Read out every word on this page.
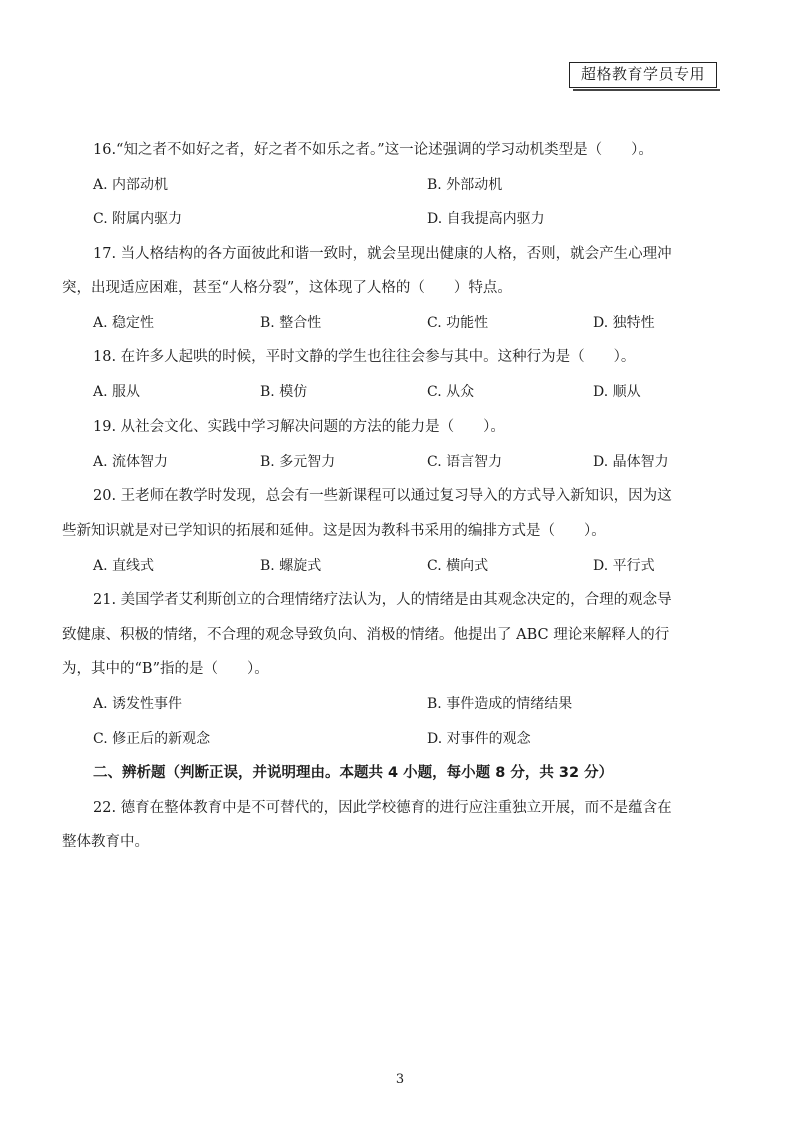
超格教育学员专用
16.“知之者不如好之者，好之者不如乐之者。”这一论述强调的学习动机类型是（　　）。
A. 内部动机	B. 外部动机
C. 附属内驱力	D. 自我提高内驱力
17. 当人格结构的各方面彼此和谐一致时，就会呈现出健康的人格，否则，就会产生心理冲
突，出现适应困难，甚至“人格分裂”，这体现了人格的（　　）特点。
A. 稳定性	B. 整合性	C. 功能性	D. 独特性
18. 在许多人起哄的时候，平时文静的学生也往往会参与其中。这种行为是（　　）。
A. 服从	B. 模仿	C. 从众	D. 顺从
19. 从社会文化、实践中学习解决问题的方法的能力是（　　）。
A. 流体智力	B. 多元智力	C. 语言智力	D. 晶体智力
20. 王老师在教学时发现，总会有一些新课程可以通过复习导入的方式导入新知识，因为这
些新知识就是对已学知识的拓展和延伸。这是因为教科书采用的编排方式是（　　）。
A. 直线式	B. 螺旋式	C. 横向式	D. 平行式
21. 美国学者艾利斯创立的合理情绪疗法认为，人的情绪是由其观念决定的，合理的观念导
致健康、积极的情绪，不合理的观念导致负向、消极的情绪。他提出了 ABC 理论来解释人的行
为，其中的“B”指的是（　　）。
A. 诱发性事件	B. 事件造成的情绪结果
C. 修正后的新观念	D. 对事件的观念
二、辨析题（判断正误，并说明理由。本题共 4 小题，每小题 8 分，共 32 分）
22. 德育在整体教育中是不可替代的，因此学校德育的进行应注重独立开展，而不是蕴含在
整体教育中。
3
